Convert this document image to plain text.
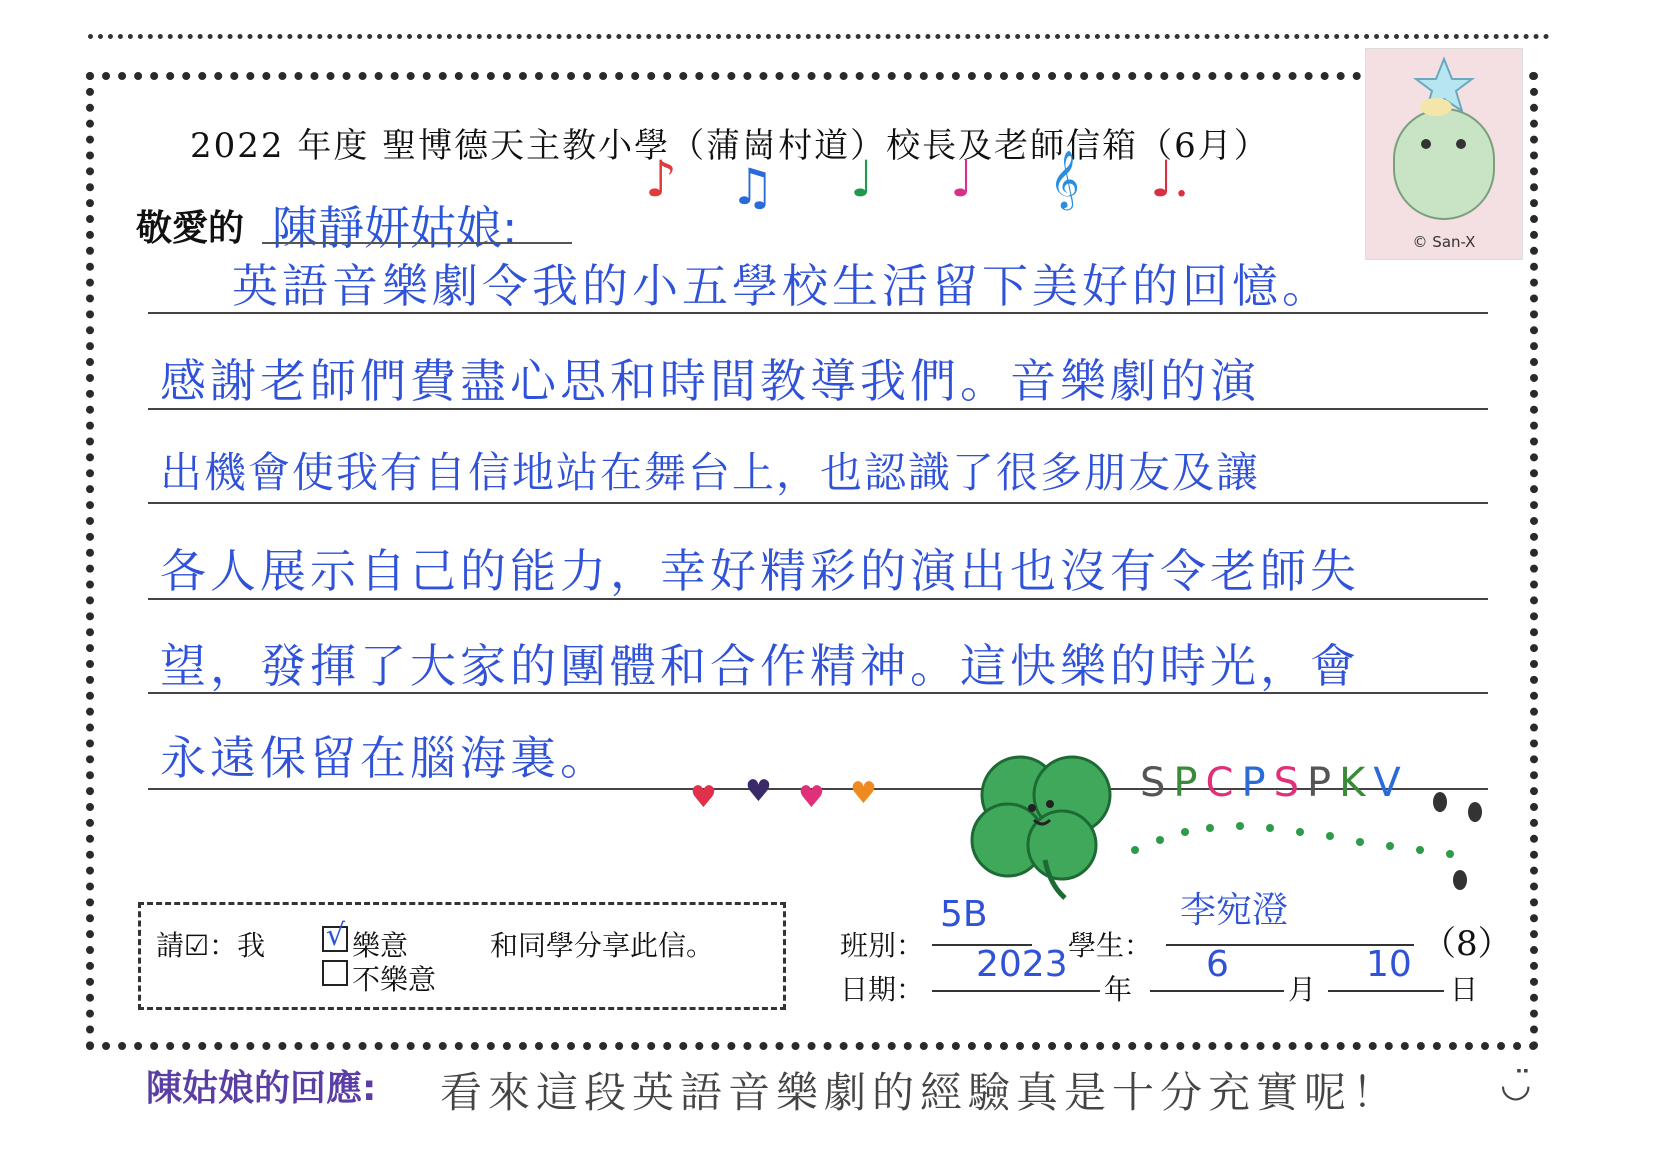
2022 年度 聖博德天主教小學（蒲崗村道）校長及老師信箱（6月）
敬愛的 陳靜妍姑娘:
♪ ♫ ♩ ♩ 𝄞 ♩.
© San-X
英語音樂劇令我的小五學校生活留下美好的回憶。
感謝老師們費盡心思和時間教導我們。音樂劇的演
出機會使我有自信地站在舞台上，也認識了很多朋友及讓
各人展示自己的能力，幸好精彩的演出也沒有令老師失
望，發揮了大家的團體和合作精神。這快樂的時光，會
永遠保留在腦海裏。
♥ ♥ ♥ ♥	S P C P S P K V
請☑：我 √ 樂意	和同學分享此信。
不樂意
班別：
5B
學生：
李宛澄
（8）
日期：
2023
年
6
月
10
日
陳姑娘的回應: 看來這段英語音樂劇的經驗真是十分充實呢！	◡̈
